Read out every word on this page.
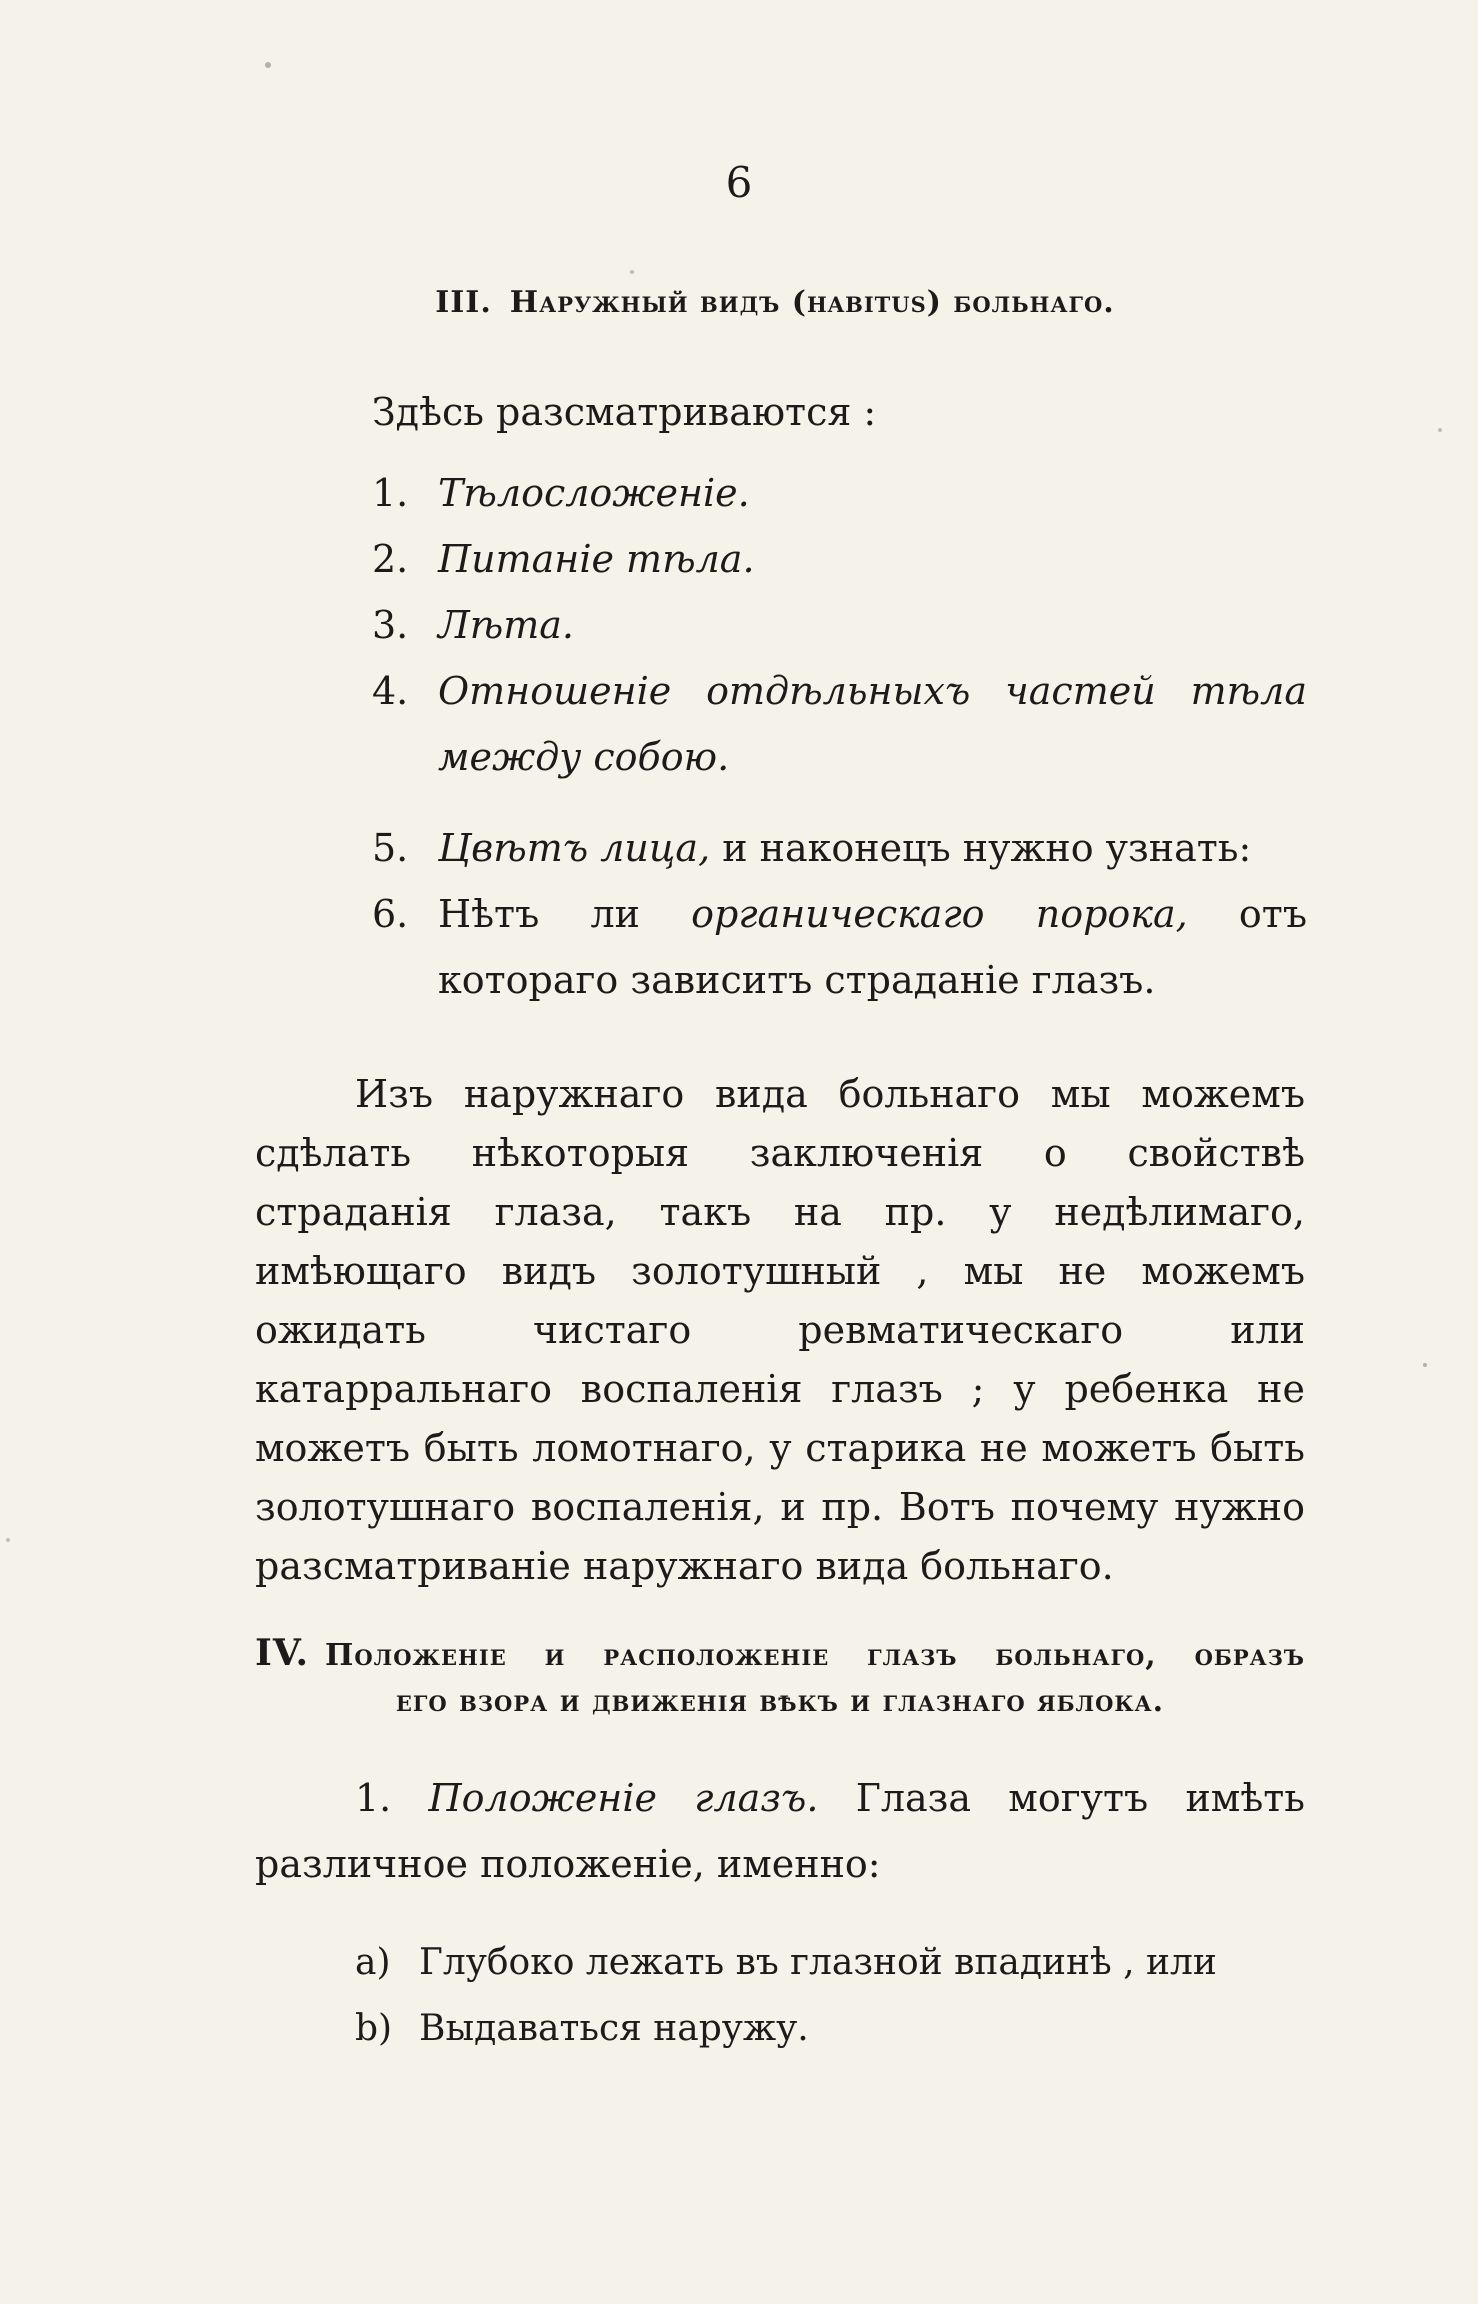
6
III. Наружный видъ (habitus) больнаго.
Здѣсь разсматриваются :
1. Тѣлосложеніе.
2. Питаніе тѣла.
3. Лѣта.
4. Отношеніе отдѣльныхъ частей тѣла между собою.
5. Цвѣтъ лица, и наконецъ нужно узнать:
6. Нѣтъ ли органическаго порока, отъ котораго зависитъ страданіе глазъ.
Изъ наружнаго вида больнаго мы можемъ сдѣлать нѣкоторыя заключенія о свойствѣ страданія глаза, такъ на пр. у недѣлимаго, имѣющаго видъ золотушный , мы не можемъ ожидать чистаго ревматическаго или катарральнаго воспаленія глазъ ; у ребенка не можетъ быть ломотнаго, у старика не можетъ быть золотушнаго воспаленія, и пр. Вотъ почему нужно разсматриваніе наружнаго вида больнаго.
IV. Положеніе и расположеніе глазъ больнаго, образъ
его взора и движенія вѣкъ и глазнаго яблока.
1. Положеніе глазъ. Глаза могутъ имѣть различное положеніе, именно:
a) Глубоко лежать въ глазной впадинѣ , или
b) Выдаваться наружу.
